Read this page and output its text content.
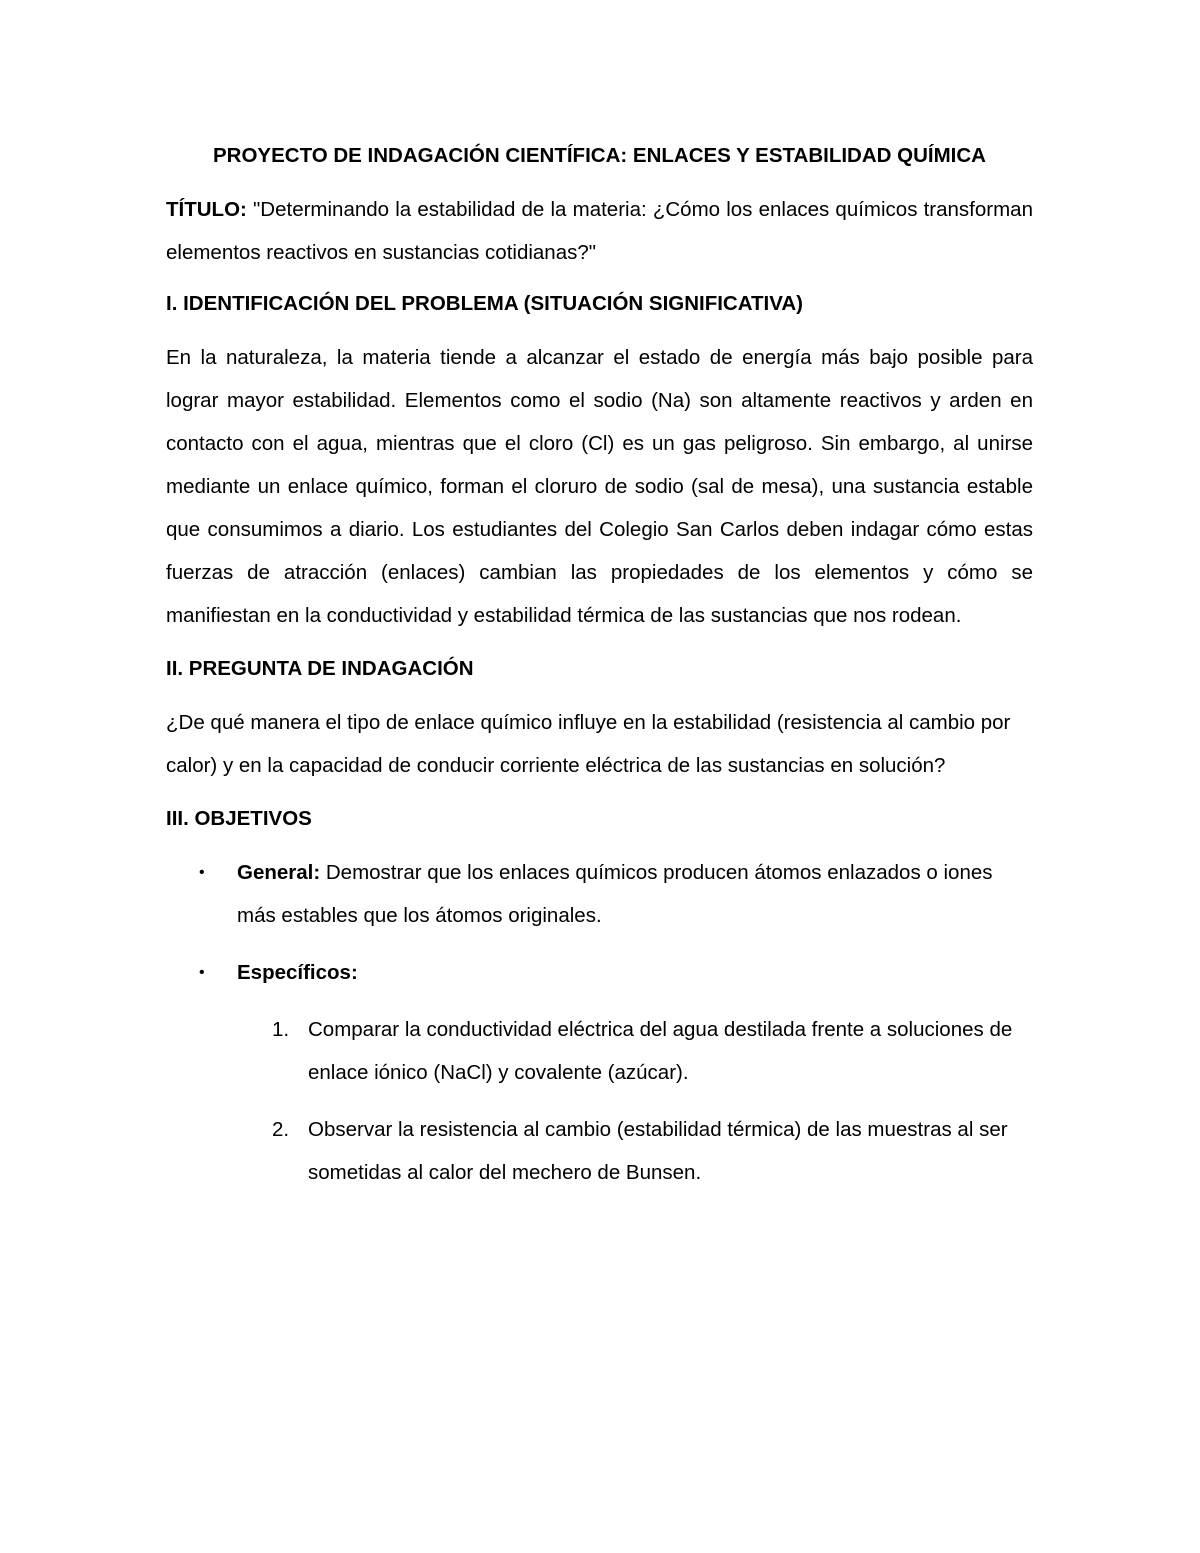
PROYECTO DE INDAGACIÓN CIENTÍFICA: ENLACES Y ESTABILIDAD QUÍMICA

TÍTULO: "Determinando la estabilidad de la materia: ¿Cómo los enlaces químicos transforman elementos reactivos en sustancias cotidianas?"

I. IDENTIFICACIÓN DEL PROBLEMA (SITUACIÓN SIGNIFICATIVA)

En la naturaleza, la materia tiende a alcanzar el estado de energía más bajo posible para lograr mayor estabilidad. Elementos como el sodio (Na) son altamente reactivos y arden en contacto con el agua, mientras que el cloro (Cl) es un gas peligroso. Sin embargo, al unirse mediante un enlace químico, forman el cloruro de sodio (sal de mesa), una sustancia estable que consumimos a diario. Los estudiantes del Colegio San Carlos deben indagar cómo estas fuerzas de atracción (enlaces) cambian las propiedades de los elementos y cómo se manifiestan en la conductividad y estabilidad térmica de las sustancias que nos rodean.

II. PREGUNTA DE INDAGACIÓN

¿De qué manera el tipo de enlace químico influye en la estabilidad (resistencia al cambio por calor) y en la capacidad de conducir corriente eléctrica de las sustancias en solución?

III. OBJETIVOS

• General: Demostrar que los enlaces químicos producen átomos enlazados o iones más estables que los átomos originales.
• Específicos:
1. Comparar la conductividad eléctrica del agua destilada frente a soluciones de enlace iónico (NaCl) y covalente (azúcar).
2. Observar la resistencia al cambio (estabilidad térmica) de las muestras al ser sometidas al calor del mechero de Bunsen.
